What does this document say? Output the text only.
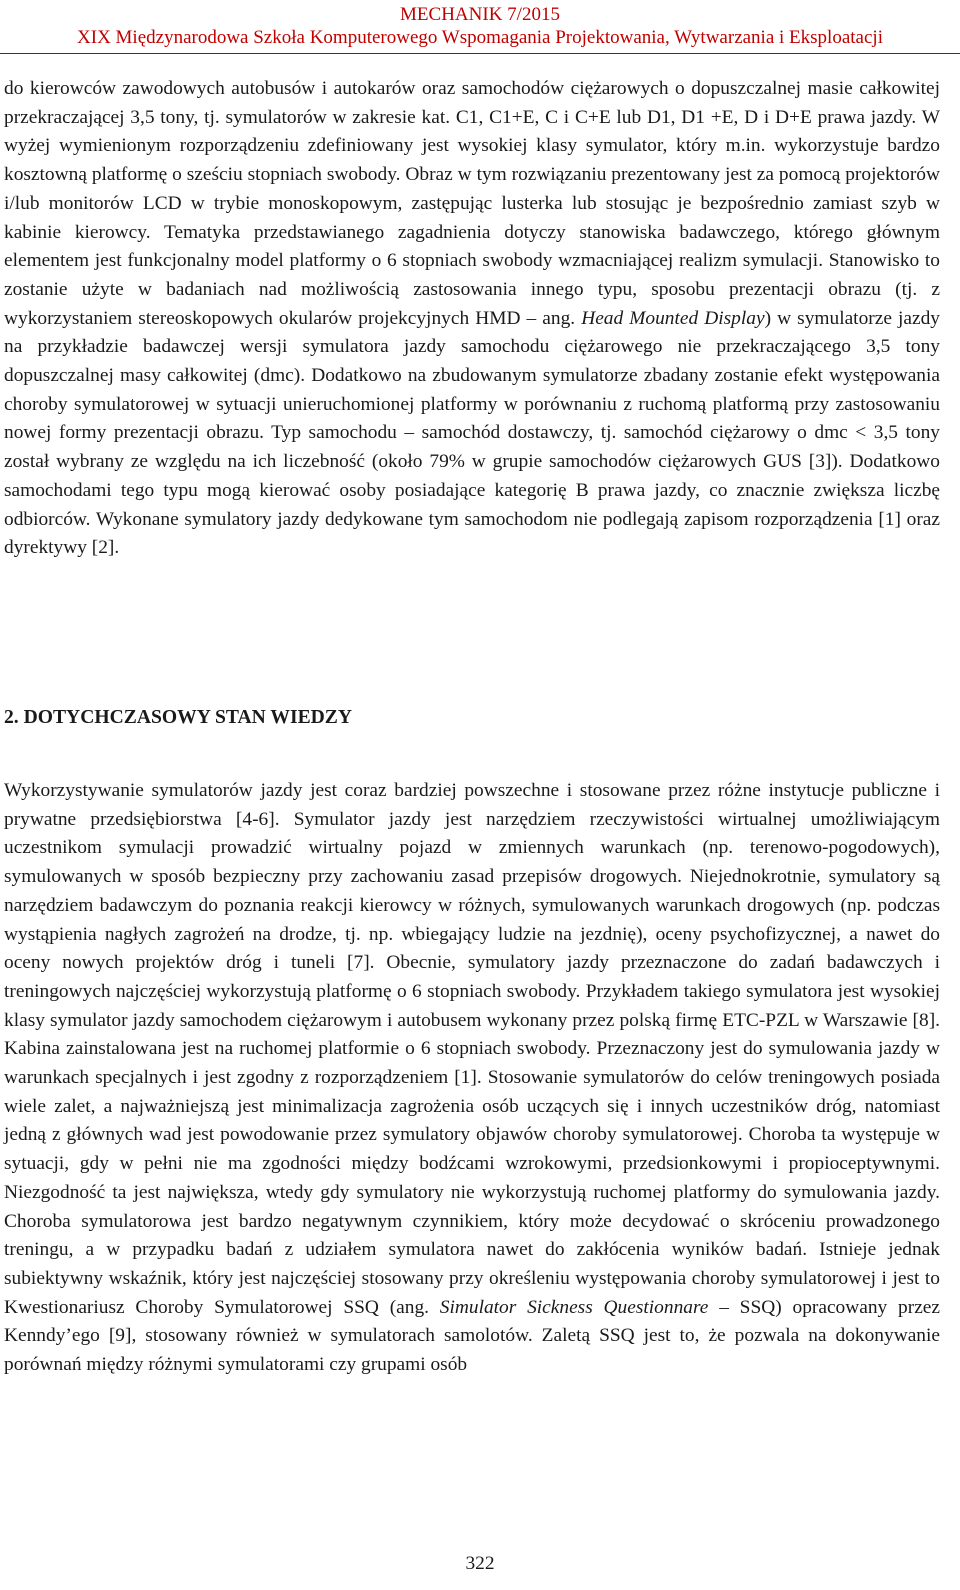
MECHANIK 7/2015
XIX Międzynarodowa Szkoła Komputerowego Wspomagania Projektowania, Wytwarzania i Eksploatacji
do kierowców zawodowych autobusów i autokarów oraz samochodów ciężarowych o dopuszczalnej masie całkowitej przekraczającej 3,5 tony, tj. symulatorów w zakresie kat. C1, C1+E, C i C+E lub D1, D1 +E, D i D+E prawa jazdy. W wyżej wymienionym rozporządzeniu zdefiniowany jest wysokiej klasy symulator, który m.in. wykorzystuje bardzo kosztowną platformę o sześciu stopniach swobody. Obraz w tym rozwiązaniu prezentowany jest za pomocą projektorów i/lub monitorów LCD w trybie monoskopowym, zastępując lusterka lub stosując je bezpośrednio zamiast szyb w kabinie kierowcy. Tematyka przedstawianego zagadnienia dotyczy stanowiska badawczego, którego głównym elementem jest funkcjonalny model platformy o 6 stopniach swobody wzmacniającej realizm symulacji. Stanowisko to zostanie użyte w badaniach nad możliwością zastosowania innego typu, sposobu prezentacji obrazu (tj. z wykorzystaniem stereoskopowych okularów projekcyjnych HMD – ang. Head Mounted Display) w symulatorze jazdy na przykładzie badawczej wersji symulatora jazdy samochodu ciężarowego nie przekraczającego 3,5 tony dopuszczalnej masy całkowitej (dmc). Dodatkowo na zbudowanym symulatorze zbadany zostanie efekt występowania choroby symulatorowej w sytuacji unieruchomionej platformy w porównaniu z ruchomą platformą przy zastosowaniu nowej formy prezentacji obrazu. Typ samochodu – samochód dostawczy, tj. samochód ciężarowy o dmc < 3,5 tony został wybrany ze względu na ich liczebność (około 79% w grupie samochodów ciężarowych GUS [3]). Dodatkowo samochodami tego typu mogą kierować osoby posiadające kategorię B prawa jazdy, co znacznie zwiększa liczbę odbiorców. Wykonane symulatory jazdy dedykowane tym samochodom nie podlegają zapisom rozporządzenia [1] oraz dyrektywy [2].
2. DOTYCHCZASOWY STAN WIEDZY
Wykorzystywanie symulatorów jazdy jest coraz bardziej powszechne i stosowane przez różne instytucje publiczne i prywatne przedsiębiorstwa [4-6]. Symulator jazdy jest narzędziem rzeczywistości wirtualnej umożliwiającym uczestnikom symulacji prowadzić wirtualny pojazd w zmiennych warunkach (np. terenowo-pogodowych), symulowanych w sposób bezpieczny przy zachowaniu zasad przepisów drogowych. Niejednokrotnie, symulatory są narzędziem badawczym do poznania reakcji kierowcy w różnych, symulowanych warunkach drogowych (np. podczas wystąpienia nagłych zagrożeń na drodze, tj. np. wbiegający ludzie na jezdnię), oceny psychofizycznej, a nawet do oceny nowych projektów dróg i tuneli [7]. Obecnie, symulatory jazdy przeznaczone do zadań badawczych i treningowych najczęściej wykorzystują platformę o 6 stopniach swobody. Przykładem takiego symulatora jest wysokiej klasy symulator jazdy samochodem ciężarowym i autobusem wykonany przez polską firmę ETC-PZL w Warszawie [8]. Kabina zainstalowana jest na ruchomej platformie o 6 stopniach swobody. Przeznaczony jest do symulowania jazdy w warunkach specjalnych i jest zgodny z rozporządzeniem [1]. Stosowanie symulatorów do celów treningowych posiada wiele zalet, a najważniejszą jest minimalizacja zagrożenia osób uczących się i innych uczestników dróg, natomiast jedną z głównych wad jest powodowanie przez symulatory objawów choroby symulatorowej. Choroba ta występuje w sytuacji, gdy w pełni nie ma zgodności między bodźcami wzrokowymi, przedsionkowymi i propioceptywnymi. Niezgodność ta jest największa, wtedy gdy symulatory nie wykorzystują ruchomej platformy do symulowania jazdy. Choroba symulatorowa jest bardzo negatywnym czynnikiem, który może decydować o skróceniu prowadzonego treningu, a w przypadku badań z udziałem symulatora nawet do zakłócenia wyników badań. Istnieje jednak subiektywny wskaźnik, który jest najczęściej stosowany przy określeniu występowania choroby symulatorowej i jest to Kwestionariusz Choroby Symulatorowej SSQ (ang. Simulator Sickness Questionnare – SSQ) opracowany przez Kenndy’ego [9], stosowany również w symulatorach samolotów. Zaletą SSQ jest to, że pozwala na dokonywanie porównań między różnymi symulatorami czy grupami osób
322
